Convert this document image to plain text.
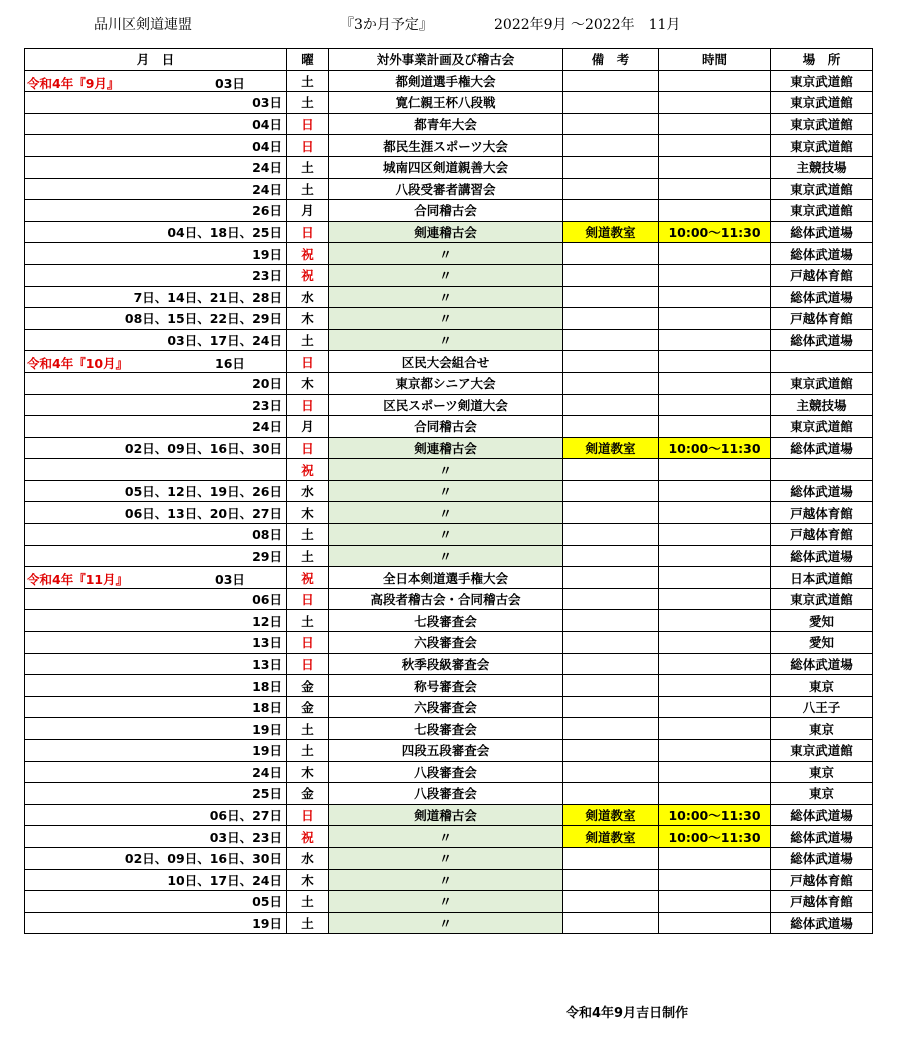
品川区剣道連盟	『3か月予定』	2022年9月 ～2022年　11月
月　日	曜	対外事業計画及び稽古会	備　考	時間	場　所

令和4年『9月』 03日	土	都剣道選手権大会			東京武道館
03日	土	寛仁親王杯八段戦			東京武道館
04日	日	都青年大会			東京武道館
04日	日	都民生涯スポーツ大会			東京武道館
24日	土	城南四区剣道親善大会			主競技場
24日	土	八段受審者講習会			東京武道館
26日	月	合同稽古会			東京武道館
04日、18日、25日	日	剣連稽古会	剣道教室	10:00～11:30	総体武道場
19日	祝	〃			総体武道場
23日	祝	〃			戸越体育館
7日、14日、21日、28日	水	〃			総体武道場
08日、15日、22日、29日	木	〃			戸越体育館
03日、17日、24日	土	〃			総体武道場

令和4年『10月』 16日	日	区民大会組合せ			
20日	木	東京都シニア大会			東京武道館
23日	日	区民スポーツ剣道大会			主競技場
24日	月	合同稽古会			東京武道館
02日、09日、16日、30日	日	剣連稽古会	剣道教室	10:00～11:30	総体武道場
	祝	〃			
05日、12日、19日、26日	水	〃			総体武道場
06日、13日、20日、27日	木	〃			戸越体育館
08日	土	〃			戸越体育館
29日	土	〃			総体武道場

令和4年『11月』 03日	祝	全日本剣道選手権大会			日本武道館
06日	日	高段者稽古会・合同稽古会			東京武道館
12日	土	七段審査会			愛知
13日	日	六段審査会			愛知
13日	日	秋季段級審査会			総体武道場
18日	金	称号審査会			東京
18日	金	六段審査会			八王子
19日	土	七段審査会			東京
19日	土	四段五段審査会			東京武道館
24日	木	八段審査会			東京
25日	金	八段審査会			東京
06日、27日	日	剣道稽古会	剣道教室	10:00～11:30	総体武道場
03日、23日	祝	〃	剣道教室	10:00～11:30	総体武道場
02日、09日、16日、30日	水	〃			総体武道場
10日、17日、24日	木	〃			戸越体育館
05日	土	〃			戸越体育館
19日	土	〃			総体武道場
令和4年9月吉日制作
